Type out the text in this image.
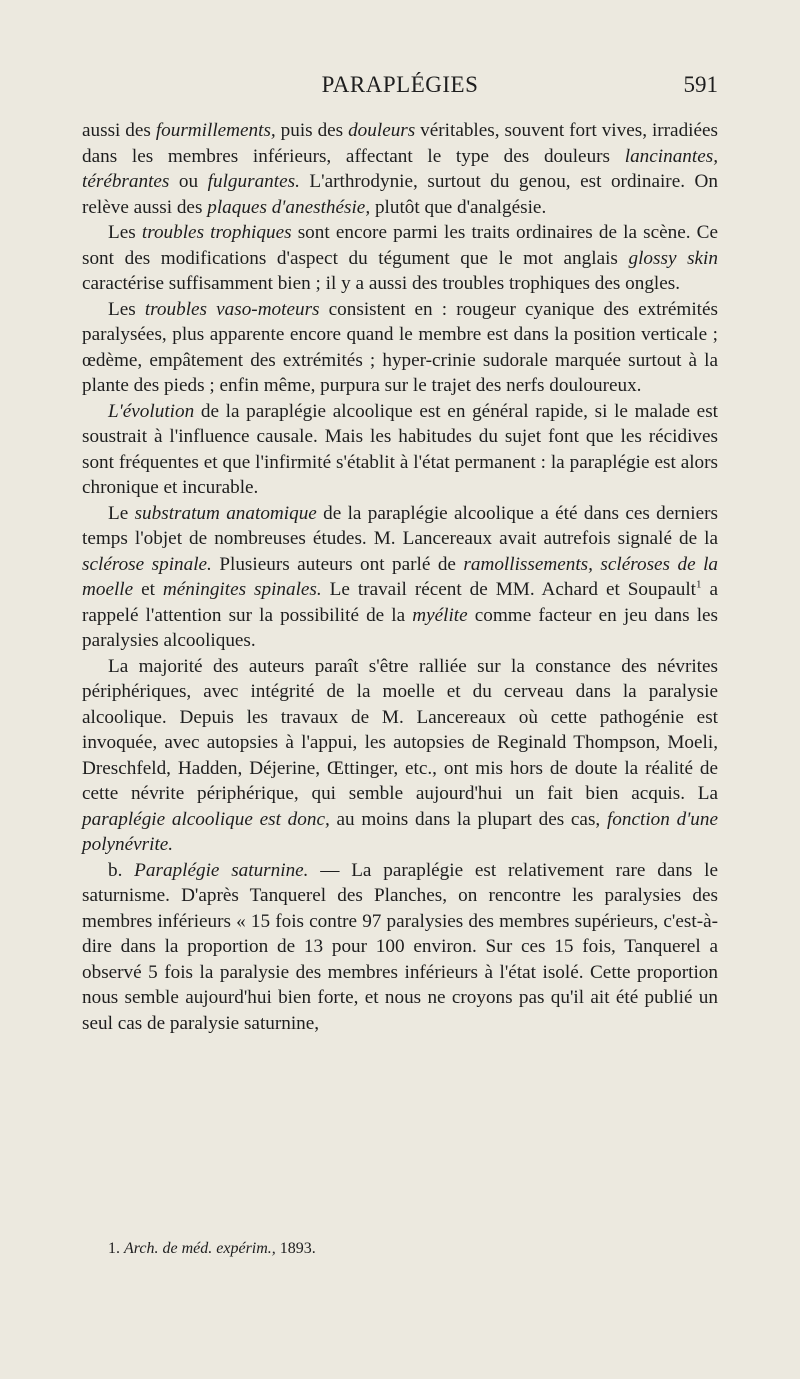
PARAPLÉGIES	591

aussi des fourmillements, puis des douleurs véritables, souvent fort vives, irradiées dans les membres inférieurs, affectant le type des douleurs lancinantes, térébrantes ou fulgurantes. L'arthrodynie, surtout du genou, est ordinaire. On relève aussi des plaques d'anesthésie, plutôt que d'analgésie.

Les troubles trophiques sont encore parmi les traits ordinaires de la scène. Ce sont des modifications d'aspect du tégument que le mot anglais glossy skin caractérise suffisamment bien ; il y a aussi des troubles trophiques des ongles.

Les troubles vaso-moteurs consistent en : rougeur cyanique des extrémités paralysées, plus apparente encore quand le membre est dans la position verticale ; œdème, empâtement des extrémités ; hyper-crinie sudorale marquée surtout à la plante des pieds ; enfin même, purpura sur le trajet des nerfs douloureux.

L'évolution de la paraplégie alcoolique est en général rapide, si le malade est soustrait à l'influence causale. Mais les habitudes du sujet font que les récidives sont fréquentes et que l'infirmité s'établit à l'état permanent : la paraplégie est alors chronique et incurable.

Le substratum anatomique de la paraplégie alcoolique a été dans ces derniers temps l'objet de nombreuses études. M. Lancereaux avait autrefois signalé de la sclérose spinale. Plusieurs auteurs ont parlé de ramollissements, scléroses de la moelle et méningites spinales. Le travail récent de MM. Achard et Soupault$^1$ a rappelé l'attention sur la possibilité de la myélite comme facteur en jeu dans les paralysies alcooliques.

La majorité des auteurs paraît s'être ralliée sur la constance des névrites périphériques, avec intégrité de la moelle et du cerveau dans la paralysie alcoolique. Depuis les travaux de M. Lancereaux où cette pathogénie est invoquée, avec autopsies à l'appui, les autopsies de Reginald Thompson, Moeli, Dreschfeld, Hadden, Déjerine, Œttinger, etc., ont mis hors de doute la réalité de cette névrite périphérique, qui semble aujourd'hui un fait bien acquis. La paraplégie alcoolique est donc, au moins dans la plupart des cas, fonction d'une polynévrite.

b. Paraplégie saturnine. — La paraplégie est relativement rare dans le saturnisme. D'après Tanquerel des Planches, on rencontre les paralysies des membres inférieurs « 15 fois contre 97 paralysies des membres supérieurs, c'est-à-dire dans la proportion de 13 pour 100 environ. Sur ces 15 fois, Tanquerel a observé 5 fois la paralysie des membres inférieurs à l'état isolé. Cette proportion nous semble aujourd'hui bien forte, et nous ne croyons pas qu'il ait été publié un seul cas de paralysie saturnine,

1. Arch. de méd. expérim., 1893.
